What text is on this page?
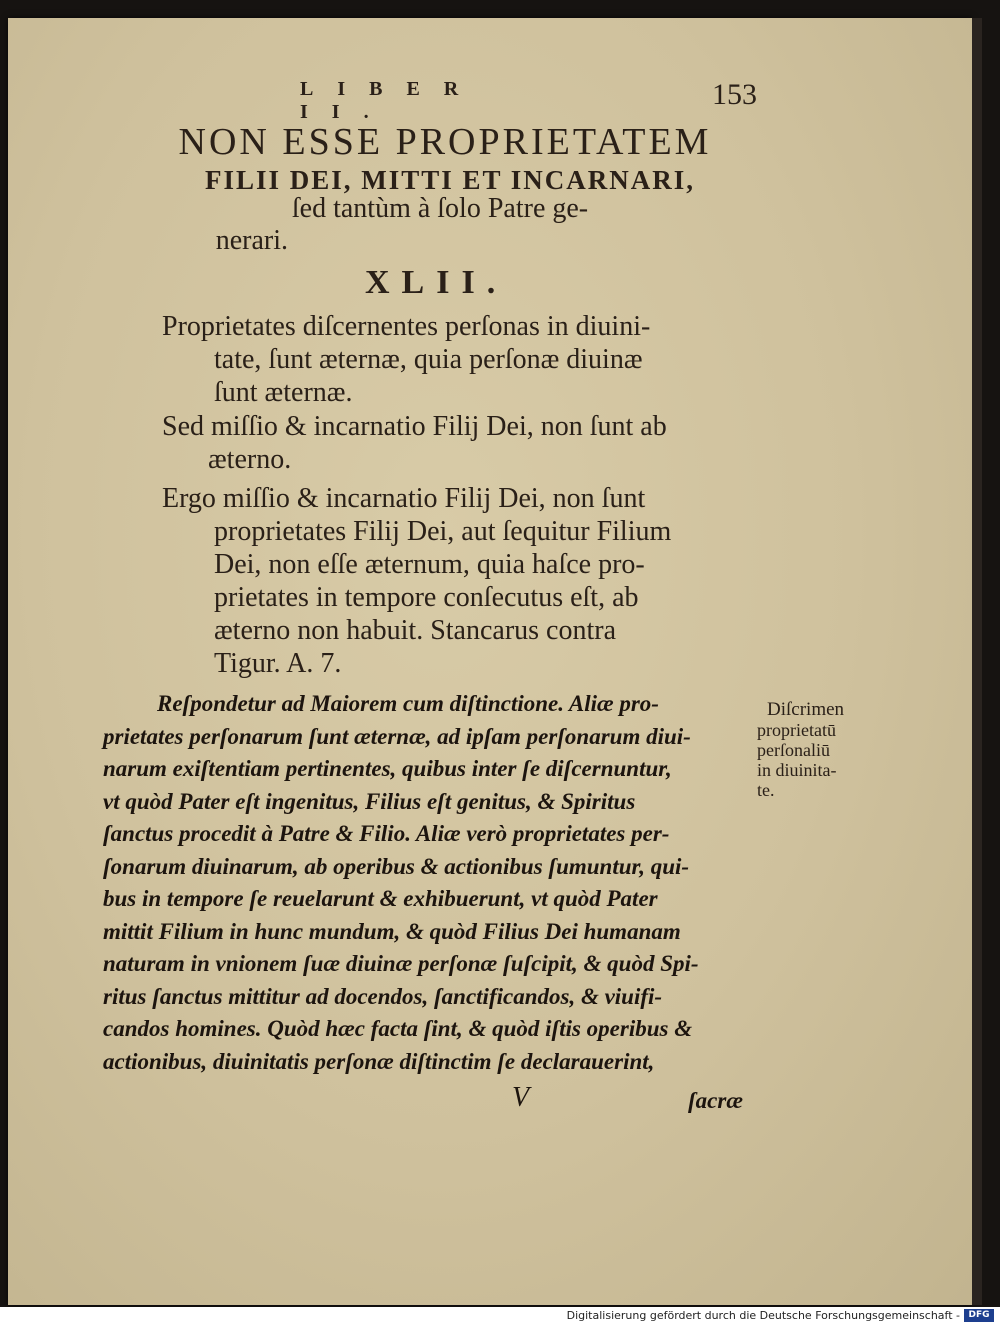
LIBER II.
153
NON ESSE PROPRIETATEM
FILII DEI, MITTI ET INCARNARI,
ſed tantùm à ſolo Patre ge-
nerari.
XLII.
Proprietates diſcernentes perſonas in diuini-
tate, ſunt æternæ, quia perſonæ diuinæ
ſunt æternæ.
Sed miſſio & incarnatio Filij Dei, non ſunt ab
æterno.
Ergo miſſio & incarnatio Filij Dei, non ſunt
proprietates Filij Dei, aut ſequitur Filium
Dei, non eſſe æternum, quia haſce pro-
prietates in tempore conſecutus eſt, ab
æterno non habuit. Stancarus contra
Tigur. A. 7.
Reſpondetur ad Maiorem cum diſtinctione. Aliæ pro-
prietates perſonarum ſunt æternæ, ad ipſam perſonarum diui-
narum exiſtentiam pertinentes, quibus inter ſe diſcernuntur,
vt quòd Pater eſt ingenitus, Filius eſt genitus, & Spiritus
ſanctus procedit à Patre & Filio. Aliæ verò proprietates per-
ſonarum diuinarum, ab operibus & actionibus ſumuntur, qui-
bus in tempore ſe reuelarunt & exhibuerunt, vt quòd Pater
mittit Filium in hunc mundum, & quòd Filius Dei humanam
naturam in vnionem ſuæ diuinæ perſonæ ſuſcipit, & quòd Spi-
ritus ſanctus mittitur ad docendos, ſanctificandos, & viuifi-
candos homines. Quòd hæc facta ſint, & quòd iſtis operibus &
actionibus, diuinitatis perſonæ diſtinctim ſe declarauerint,
Diſcrimen
proprietatū
perſonaliū
in diuinita-
te.
V	ſacræ
Digitalisierung gefördert durch die Deutsche Forschungsgemeinschaft - DFG
